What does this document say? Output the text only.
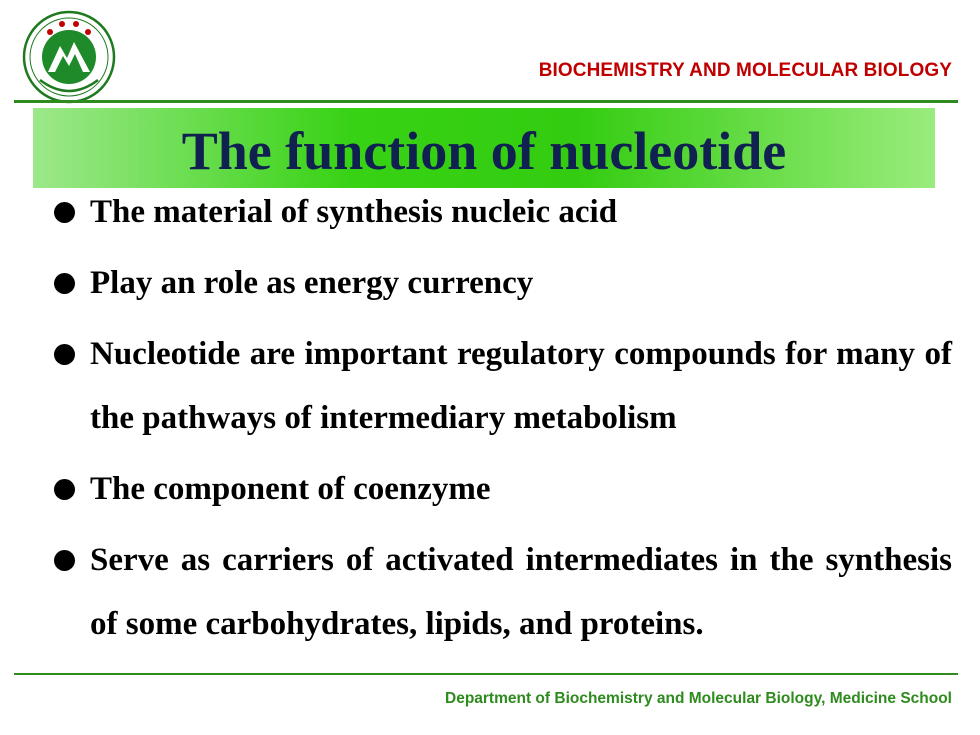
BIOCHEMISTRY AND MOLECULAR BIOLOGY
The function of nucleotide
The material of synthesis nucleic acid
Play an role as energy currency
Nucleotide are important regulatory compounds for many of the pathways of intermediary metabolism
The component of coenzyme
Serve as carriers of activated intermediates in the synthesis of some carbohydrates, lipids, and proteins.
Department of Biochemistry and Molecular Biology, Medicine School
